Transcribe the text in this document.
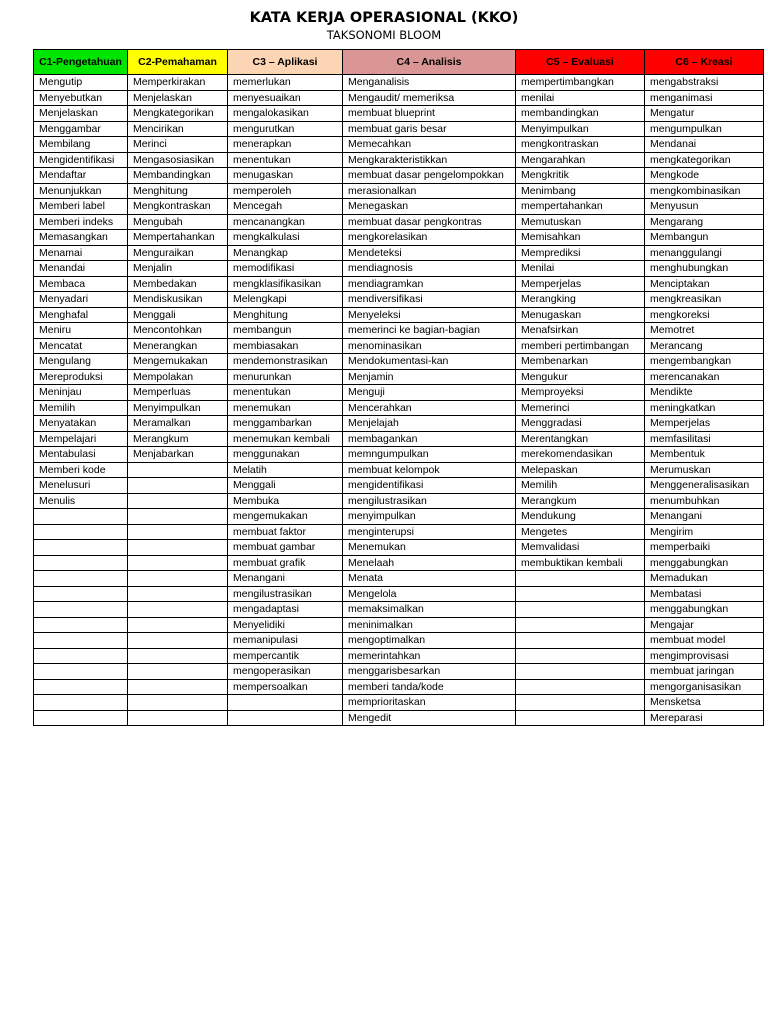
KATA KERJA OPERASIONAL (KKO)
TAKSONOMI BLOOM
C1-Pengetahuan	C2-Pemahaman	C3 – Aplikasi	C4 – Analisis	C5 – Evaluasi	C6 – Kreasi
Mengutip	Memperkirakan	memerlukan	Menganalisis	mempertimbangkan	mengabstraksi
Menyebutkan	Menjelaskan	menyesuaikan	Mengaudit/ memeriksa	menilai	menganimasi
Menjelaskan	Mengkategorikan	mengalokasikan	membuat blueprint	membandingkan	Mengatur
Menggambar	Mencirikan	mengurutkan	membuat garis besar	Menyimpulkan	mengumpulkan
Membilang	Merinci	menerapkan	Memecahkan	mengkontraskan	Mendanai
Mengidentifikasi	Mengasosiasikan	menentukan	Mengkarakteristikkan	Mengarahkan	mengkategorikan
Mendaftar	Membandingkan	menugaskan	membuat dasar pengelompokkan	Mengkritik	Mengkode
Menunjukkan	Menghitung	memperoleh	merasionalkan	Menimbang	mengkombinasikan
Memberi label	Mengkontraskan	Mencegah	Menegaskan	mempertahankan	Menyusun
Memberi indeks	Mengubah	mencanangkan	membuat dasar pengkontras	Memutuskan	Mengarang
Memasangkan	Mempertahankan	mengkalkulasi	mengkorelasikan	Memisahkan	Membangun
Menamai	Menguraikan	Menangkap	Mendeteksi	Memprediksi	menanggulangi
Menandai	Menjalin	memodifikasi	mendiagnosis	Menilai	menghubungkan
Membaca	Membedakan	mengklasifikasikan	mendiagramkan	Memperjelas	Menciptakan
Menyadari	Mendiskusikan	Melengkapi	mendiversifikasi	Merangking	mengkreasikan
Menghafal	Menggali	Menghitung	Menyeleksi	Menugaskan	mengkoreksi
Meniru	Mencontohkan	membangun	memerinci ke bagian-bagian	Menafsirkan	Memotret
Mencatat	Menerangkan	membiasakan	menominasikan	memberi pertimbangan	Merancang
Mengulang	Mengemukakan	mendemonstrasikan	Mendokumentasi-kan	Membenarkan	mengembangkan
Mereproduksi	Mempolakan	menurunkan	Menjamin	Mengukur	merencanakan
Meninjau	Memperluas	menentukan	Menguji	Memproyeksi	Mendikte
Memilih	Menyimpulkan	menemukan	Mencerahkan	Memerinci	meningkatkan
Menyatakan	Meramalkan	menggambarkan	Menjelajah	Menggradasi	Memperjelas
Mempelajari	Merangkum	menemukan kembali	membagankan	Merentangkan	memfasilitasi
Mentabulasi	Menjabarkan	menggunakan	memngumpulkan	merekomendasikan	Membentuk
Memberi kode		Melatih	membuat kelompok	Melepaskan	Merumuskan
Menelusuri		Menggali	mengidentifikasi	Memilih	Menggeneralisasikan
Menulis		Membuka	mengilustrasikan	Merangkum	menumbuhkan
		mengemukakan	menyimpulkan	Mendukung	Menangani
		membuat faktor	menginterupsi	Mengetes	Mengirim
		membuat gambar	Menemukan	Memvalidasi	memperbaiki
		membuat grafik	Menelaah	membuktikan kembali	menggabungkan
		Menangani	Menata		Memadukan
		mengilustrasikan	Mengelola		Membatasi
		mengadaptasi	memaksimalkan		menggabungkan
		Menyelidiki	meninimalkan		Mengajar
		memanipulasi	mengoptimalkan		membuat model
		mempercantik	memerintahkan		mengimprovisasi
		mengoperasikan	menggarisbesarkan		membuat jaringan
		mempersoalkan	memberi tanda/kode		mengorganisasikan
			memprioritaskan		Mensketsa
			Mengedit		Mereparasi
